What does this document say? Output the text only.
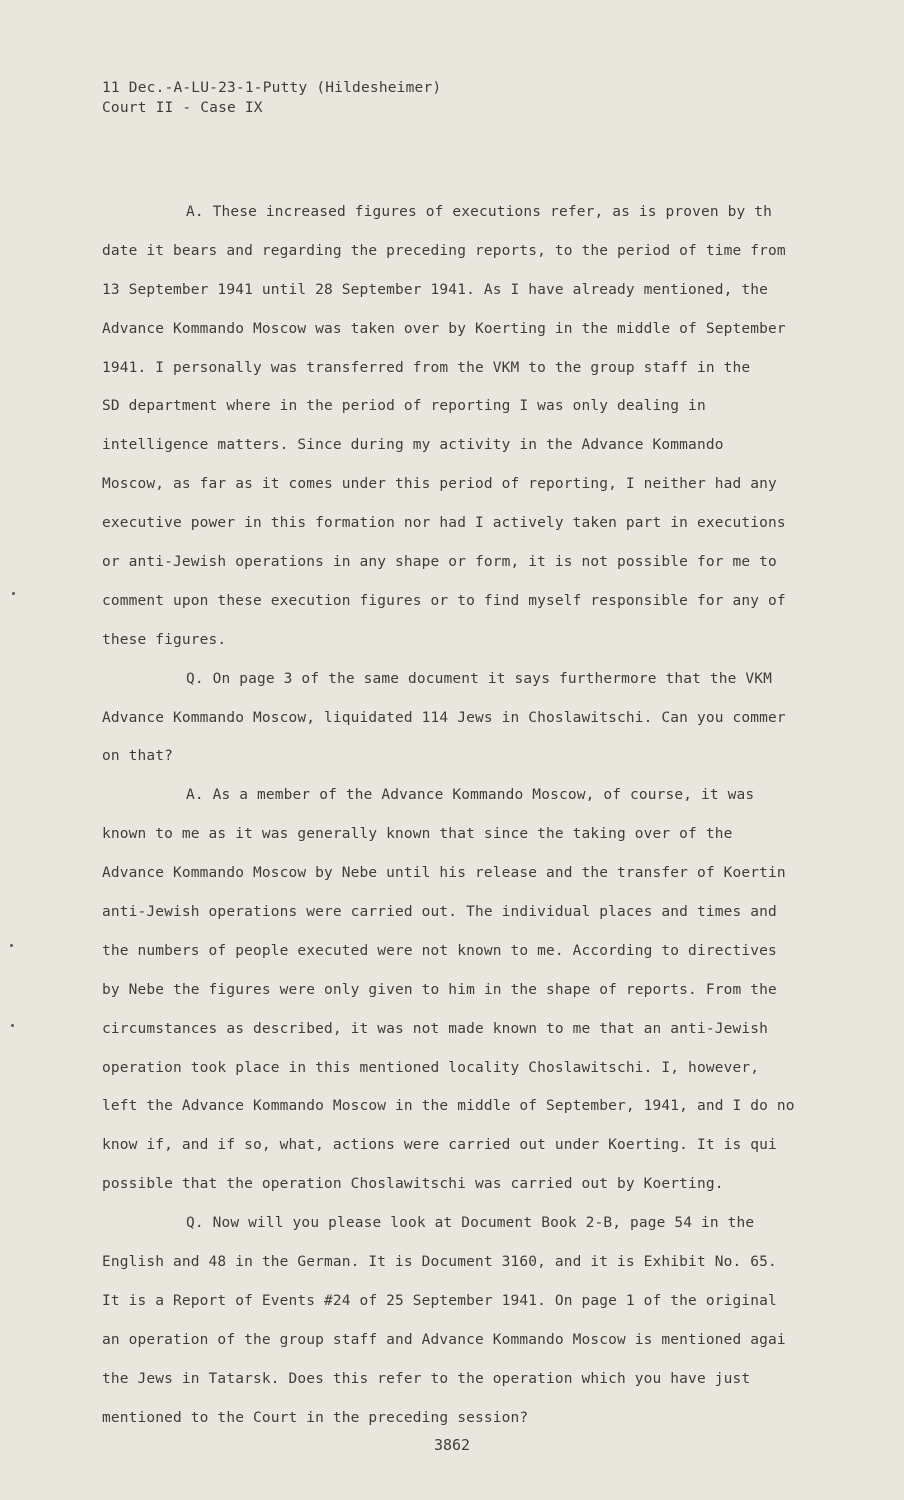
11 Dec.-A-LU-23-1-Putty (Hildesheimer)
Court II - Case IX
A. These increased figures of executions refer, as is proven by th
date it bears and regarding the preceding reports, to the period of time from
13 September 1941 until 28 September 1941. As I have already mentioned, the
Advance Kommando Moscow was taken over by Koerting in the middle of September
1941. I personally was transferred from the VKM to the group staff in the
SD department where in the period of reporting I was only dealing in
intelligence matters. Since during my activity in the Advance Kommando
Moscow, as far as it comes under this period of reporting, I neither had any
executive power in this formation nor had I actively taken part in executions
or anti-Jewish operations in any shape or form, it is not possible for me to
comment upon these execution figures or to find myself responsible for any of
these figures.
Q. On page 3 of the same document it says furthermore that the VKM
Advance Kommando Moscow, liquidated 114 Jews in Choslawitschi. Can you commer
on that?
A. As a member of the Advance Kommando Moscow, of course, it was
known to me as it was generally known that since the taking over of the
Advance Kommando Moscow by Nebe until his release and the transfer of Koertin
anti-Jewish operations were carried out. The individual places and times and
the numbers of people executed were not known to me. According to directives
by Nebe the figures were only given to him in the shape of reports. From the
circumstances as described, it was not made known to me that an anti-Jewish
operation took place in this mentioned locality Choslawitschi. I, however,
left the Advance Kommando Moscow in the middle of September, 1941, and I do no
know if, and if so, what, actions were carried out under Koerting. It is qui
possible that the operation Choslawitschi was carried out by Koerting.
Q. Now will you please look at Document Book 2-B, page 54 in the
English and 48 in the German. It is Document 3160, and it is Exhibit No. 65.
It is a Report of Events #24 of 25 September 1941. On page 1 of the original
an operation of the group staff and Advance Kommando Moscow is mentioned agai
the Jews in Tatarsk. Does this refer to the operation which you have just
mentioned to the Court in the preceding session?
3862
